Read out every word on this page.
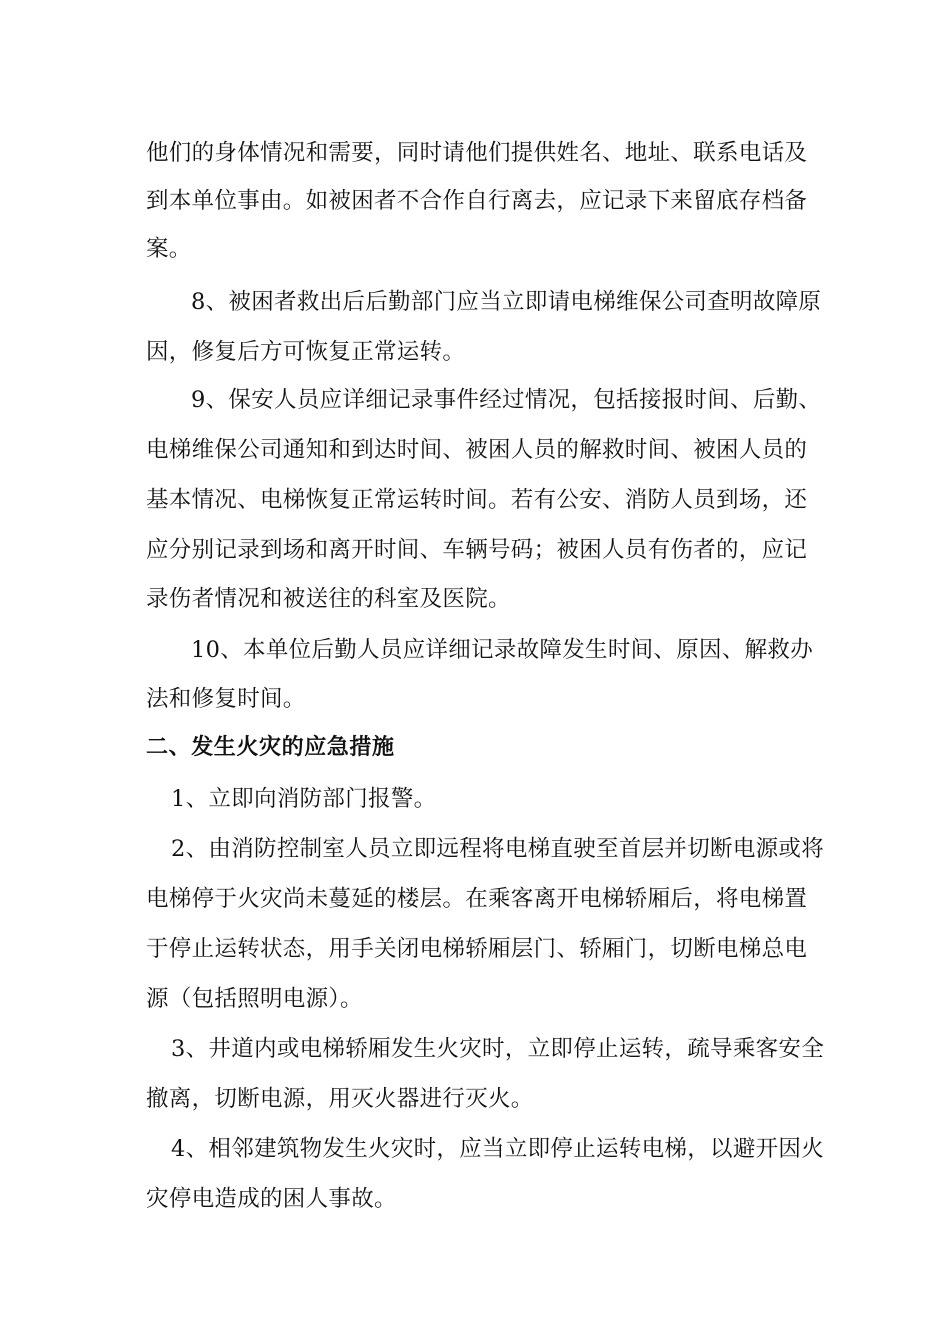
他们的身体情况和需要，同时请他们提供姓名、地址、联系电话及
到本单位事由。如被困者不合作自行离去，应记录下来留底存档备
案。
8、被困者救出后后勤部门应当立即请电梯维保公司查明故障原
因，修复后方可恢复正常运转。
9、保安人员应详细记录事件经过情况，包括接报时间、后勤、
电梯维保公司通知和到达时间、被困人员的解救时间、被困人员的
基本情况、电梯恢复正常运转时间。若有公安、消防人员到场，还
应分别记录到场和离开时间、车辆号码；被困人员有伤者的，应记
录伤者情况和被送往的科室及医院。
10、本单位后勤人员应详细记录故障发生时间、原因、解救办
法和修复时间。
二、发生火灾的应急措施
1、立即向消防部门报警。
2、由消防控制室人员立即远程将电梯直驶至首层并切断电源或将
电梯停于火灾尚未蔓延的楼层。在乘客离开电梯轿厢后，将电梯置
于停止运转状态，用手关闭电梯轿厢层门、轿厢门，切断电梯总电
源（包括照明电源）。
3、井道内或电梯轿厢发生火灾时，立即停止运转，疏导乘客安全
撤离，切断电源，用灭火器进行灭火。
4、相邻建筑物发生火灾时，应当立即停止运转电梯，以避开因火
灾停电造成的困人事故。
